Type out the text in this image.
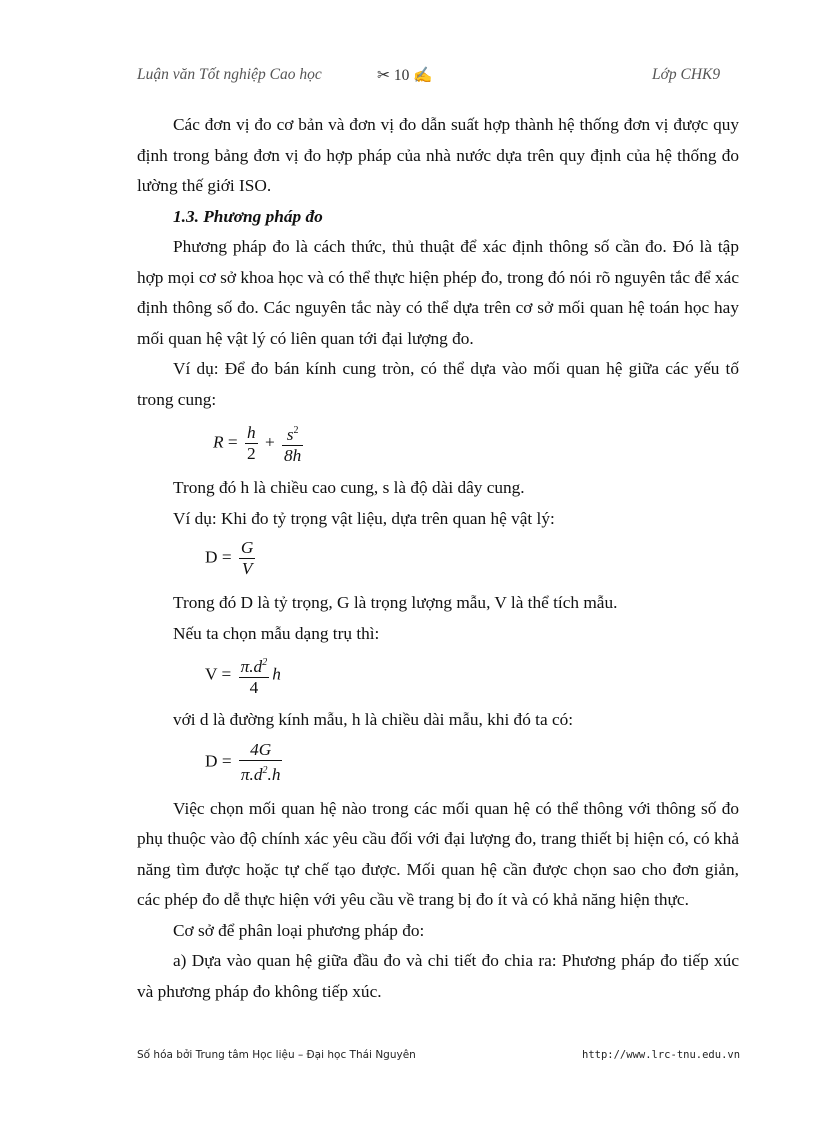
Luận văn Tốt nghiệp Cao học	✂ 10 ✍	Lớp CHK9

Các đơn vị đo cơ bản và đơn vị đo dẫn suất hợp thành hệ thống đơn vị được quy định trong bảng đơn vị đo hợp pháp của nhà nước dựa trên quy định của hệ thống đo lường thế giới ISO.

1.3. Phương pháp đo

Phương pháp đo là cách thức, thủ thuật để xác định thông số cần đo. Đó là tập hợp mọi cơ sở khoa học và có thể thực hiện phép đo, trong đó nói rõ nguyên tắc để xác định thông số đo. Các nguyên tắc này có thể dựa trên cơ sở mối quan hệ toán học hay mối quan hệ vật lý có liên quan tới đại lượng đo.

Ví dụ: Để đo bán kính cung tròn, có thể dựa vào mối quan hệ giữa các yếu tố trong cung:

$R = \frac{h}{2} + \frac{s^2}{8h}$

Trong đó h là chiều cao cung, s là độ dài dây cung.

Ví dụ: Khi đo tỷ trọng vật liệu, dựa trên quan hệ vật lý:

$D = \frac{G}{V}$

Trong đó D là tỷ trọng, G là trọng lượng mẫu, V là thể tích mẫu.

Nếu ta chọn mẫu dạng trụ thì:

$V = \frac{\pi.d^2}{4}$ h

với d là đường kính mẫu, h là chiều dài mẫu, khi đó ta có:

$D = \frac{4G}{\pi.d^2.h}$

Việc chọn mối quan hệ nào trong các mối quan hệ có thể thông với thông số đo phụ thuộc vào độ chính xác yêu cầu đối với đại lượng đo, trang thiết bị hiện có, có khả năng tìm được hoặc tự chế tạo được. Mối quan hệ cần được chọn sao cho đơn giản, các phép đo dễ thực hiện với yêu cầu về trang bị đo ít và có khả năng hiện thực.

Cơ sở để phân loại phương pháp đo:

a) Dựa vào quan hệ giữa đầu đo và chi tiết đo chia ra: Phương pháp đo tiếp xúc và phương pháp đo không tiếp xúc.

Số hóa bởi Trung tâm Học liệu – Đại học Thái Nguyên	http://www.lrc-tnu.edu.vn
